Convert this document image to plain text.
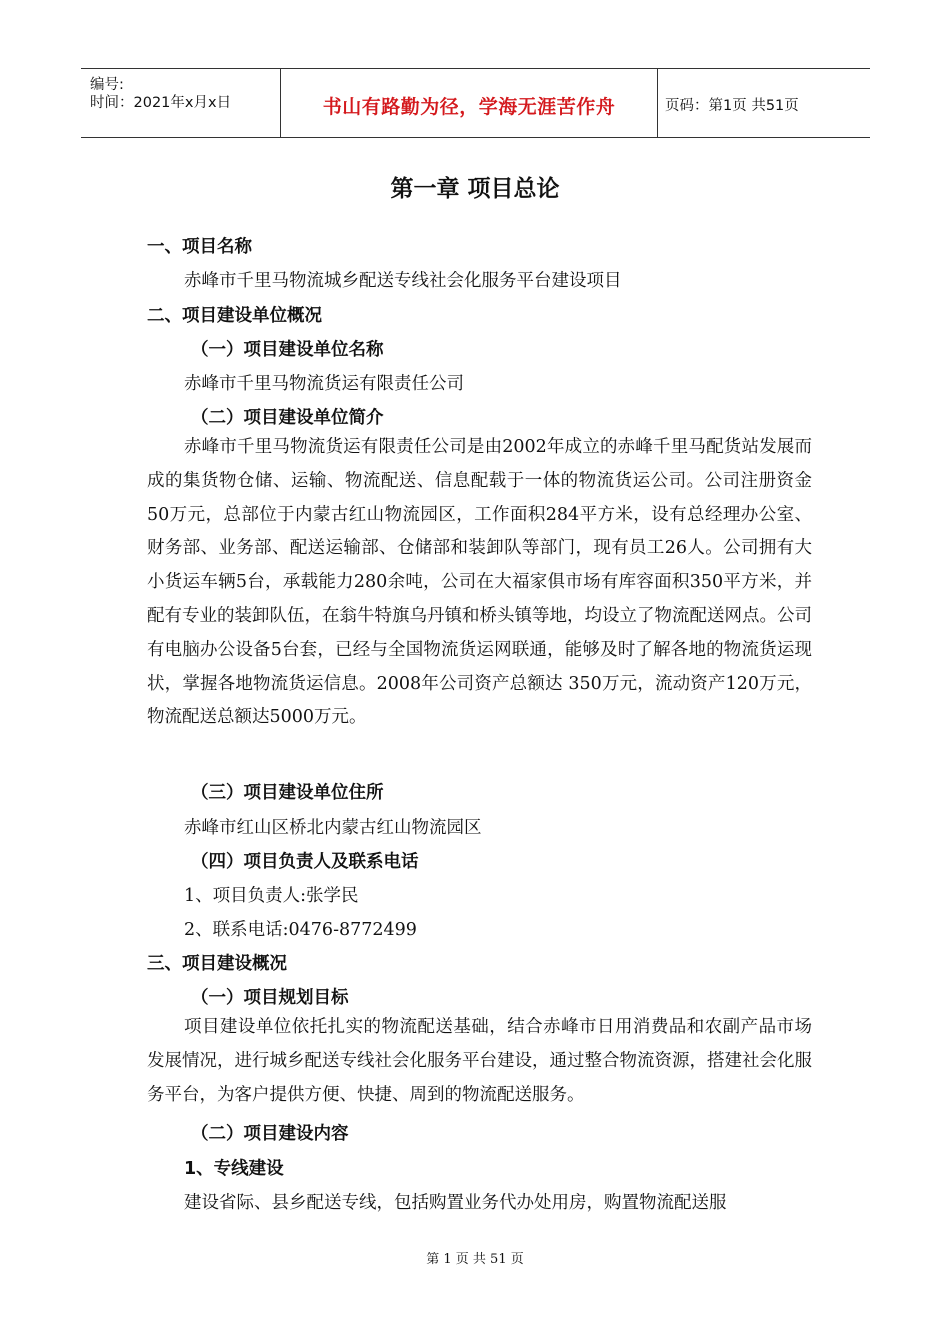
编号:
时间：2021年x月x日	书山有路勤为径，学海无涯苦作舟	页码：第1页 共51页
第一章 项目总论
一、项目名称
赤峰市千里马物流城乡配送专线社会化服务平台建设项目
二、项目建设单位概况
（一）项目建设单位名称
赤峰市千里马物流货运有限责任公司
（二）项目建设单位简介

赤峰市千里马物流货运有限责任公司是由2002年成立的赤峰千里马配货站发展而成的集货物仓储、运输、物流配送、信息配载于一体的物流货运公司。公司注册资金50万元，总部位于内蒙古红山物流园区，工作面积284平方米，设有总经理办公室、财务部、业务部、配送运输部、仓储部和装卸队等部门，现有员工26人。公司拥有大小货运车辆5台，承载能力280余吨，公司在大福家俱市场有库容面积350平方米，并配有专业的装卸队伍，在翁牛特旗乌丹镇和桥头镇等地，均设立了物流配送网点。公司有电脑办公设备5台套，已经与全国物流货运网联通，能够及时了解各地的物流货运现状，掌握各地物流货运信息。2008年公司资产总额达 350万元，流动资产120万元，物流配送总额达5000万元。

（三）项目建设单位住所
赤峰市红山区桥北内蒙古红山物流园区
（四）项目负责人及联系电话
1、项目负责人:张学民
2、联系电话:0476-8772499
三、项目建设概况
（一）项目规划目标

项目建设单位依托扎实的物流配送基础，结合赤峰市日用消费品和农副产品市场发展情况，进行城乡配送专线社会化服务平台建设，通过整合物流资源，搭建社会化服务平台，为客户提供方便、快捷、周到的物流配送服务。

（二）项目建设内容
1、专线建设
建设省际、县乡配送专线，包括购置业务代办处用房，购置物流配送服
第 1 页 共 51 页
